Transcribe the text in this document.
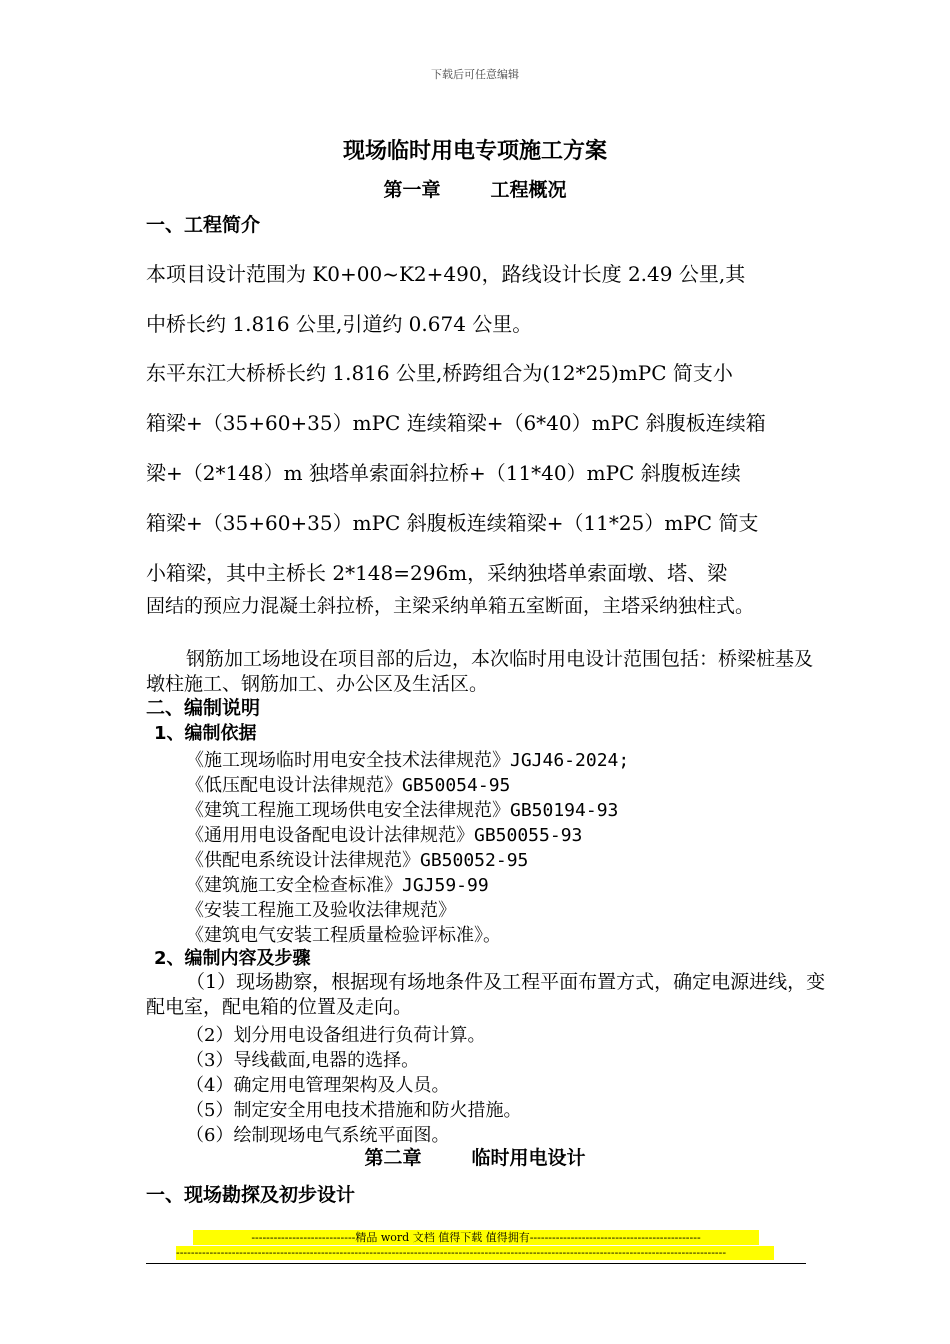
下载后可任意编辑
现场临时用电专项施工方案
第一章	工程概况
一、工程简介
本项目设计范围为 K0+00~K2+490，路线设计长度 2.49 公里,其
中桥长约 1.816 公里,引道约 0.674 公里。
东平东江大桥桥长约 1.816 公里,桥跨组合为(12*25)mPC 简支小
箱梁+（35+60+35）mPC 连续箱梁+（6*40）mPC 斜腹板连续箱
梁+（2*148）m 独塔单索面斜拉桥+（11*40）mPC 斜腹板连续
箱梁+（35+60+35）mPC 斜腹板连续箱梁+（11*25）mPC 简支
小箱梁，其中主桥长 2*148=296m，采纳独塔单索面墩、塔、梁
固结的预应力混凝土斜拉桥，主梁采纳单箱五室断面，主塔采纳独柱式。
钢筋加工场地设在项目部的后边，本次临时用电设计范围包括：桥梁桩基及墩柱施工、钢筋加工、办公区及生活区。
二、编制说明
1、编制依据
《施工现场临时用电安全技术法律规范》JGJ46-2024;
《低压配电设计法律规范》GB50054-95
《建筑工程施工现场供电安全法律规范》GB50194-93
《通用用电设备配电设计法律规范》GB50055-93
《供配电系统设计法律规范》GB50052-95
《建筑施工安全检查标准》JGJ59-99
《安装工程施工及验收法律规范》
《建筑电气安装工程质量检验评标准》。
2、编制内容及步骤
（1）现场勘察，根据现有场地条件及工程平面布置方式，确定电源进线，变配电室，配电箱的位置及走向。
（2）划分用电设备组进行负荷计算。
（3）导线截面,电器的选择。
（4）确定用电管理架构及人员。
（5）制定安全用电技术措施和防火措施。
（6）绘制现场电气系统平面图。
第二章	临时用电设计
一、现场勘探及初步设计
----------------------------精品 word 文档 值得下载 值得拥有----------------------------------------------
----------------------------------------------------------------------------------------------------------------------------------------------------
